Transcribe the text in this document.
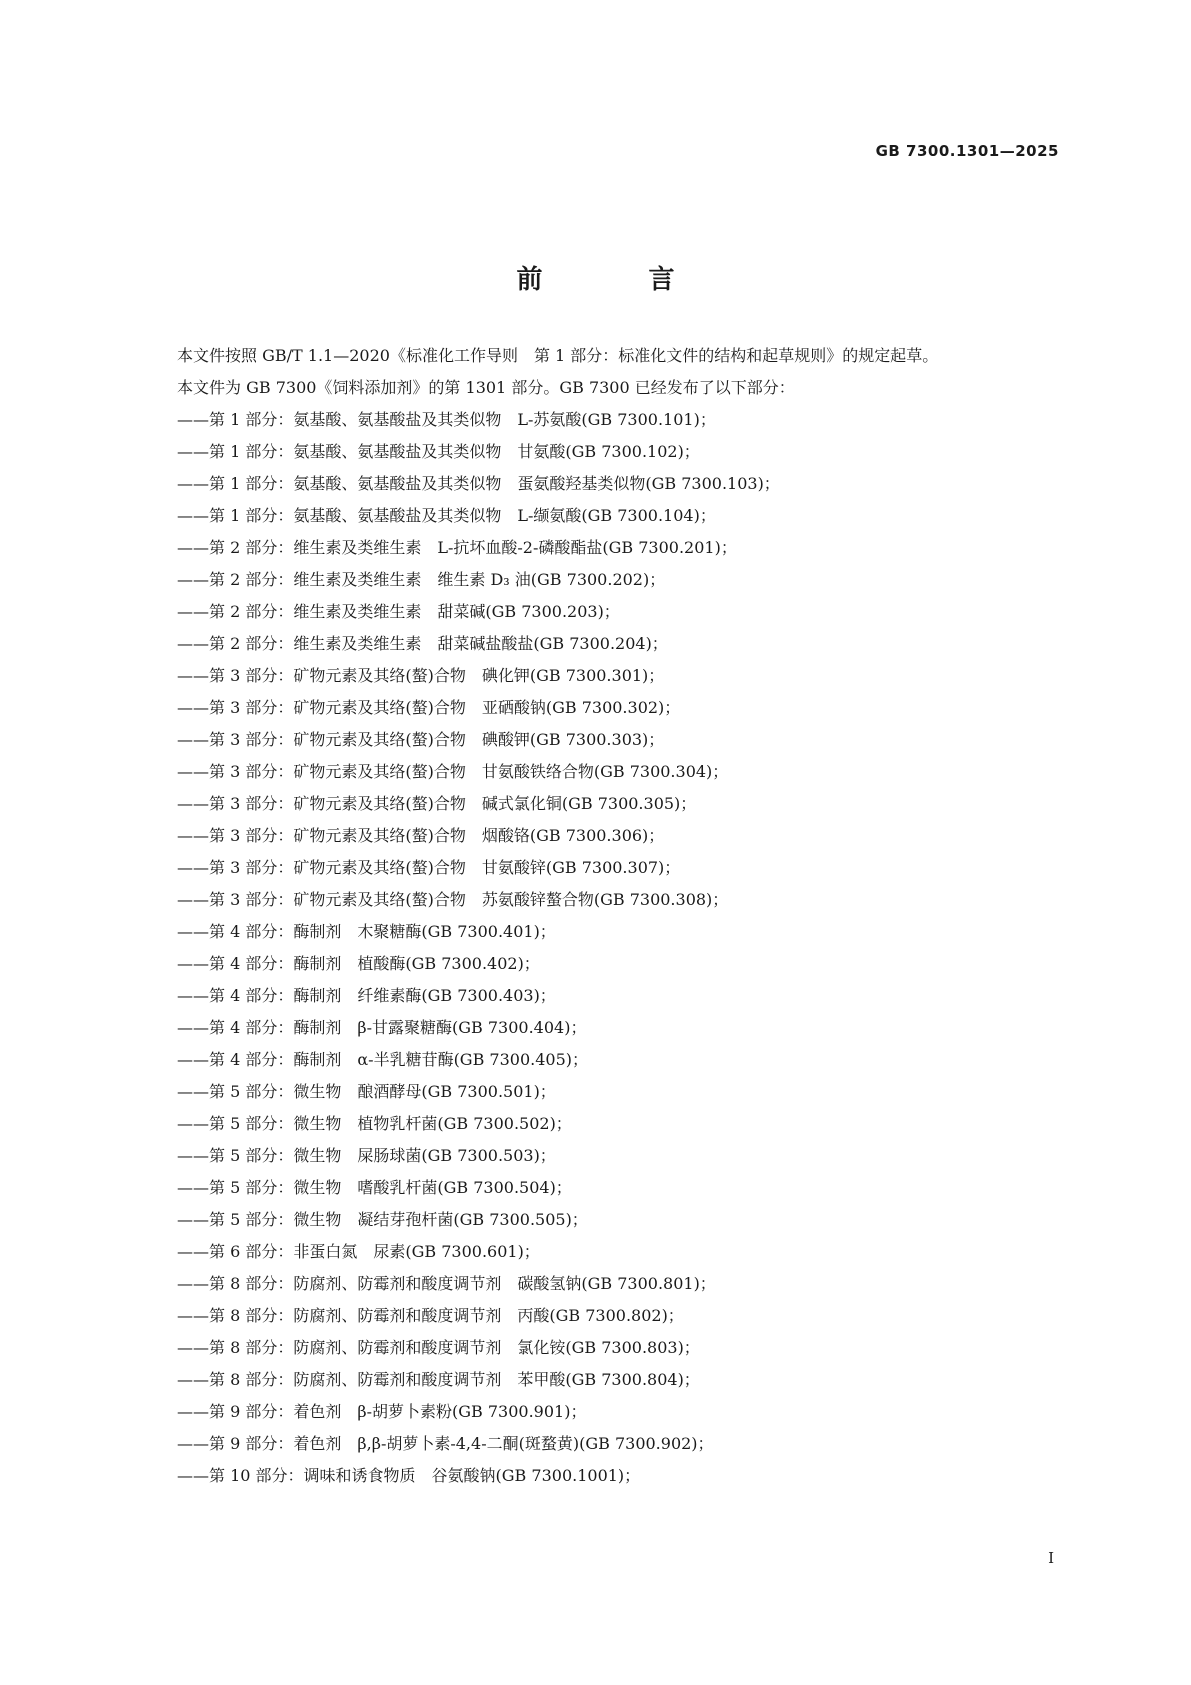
GB 7300.1301—2025
前  言

本文件按照 GB/T 1.1—2020《标准化工作导则　第 1 部分：标准化文件的结构和起草规则》的规定起草。

本文件为 GB 7300《饲料添加剂》的第 1301 部分。GB 7300 已经发布了以下部分：

——第 1 部分：氨基酸、氨基酸盐及其类似物　L-苏氨酸(GB 7300.101)；
——第 1 部分：氨基酸、氨基酸盐及其类似物　甘氨酸(GB 7300.102)；
——第 1 部分：氨基酸、氨基酸盐及其类似物　蛋氨酸羟基类似物(GB 7300.103)；
——第 1 部分：氨基酸、氨基酸盐及其类似物　L-缬氨酸(GB 7300.104)；
——第 2 部分：维生素及类维生素　L-抗坏血酸-2-磷酸酯盐(GB 7300.201)；
——第 2 部分：维生素及类维生素　维生素 D₃ 油(GB 7300.202)；
——第 2 部分：维生素及类维生素　甜菜碱(GB 7300.203)；
——第 2 部分：维生素及类维生素　甜菜碱盐酸盐(GB 7300.204)；
——第 3 部分：矿物元素及其络(螯)合物　碘化钾(GB 7300.301)；
——第 3 部分：矿物元素及其络(螯)合物　亚硒酸钠(GB 7300.302)；
——第 3 部分：矿物元素及其络(螯)合物　碘酸钾(GB 7300.303)；
——第 3 部分：矿物元素及其络(螯)合物　甘氨酸铁络合物(GB 7300.304)；
——第 3 部分：矿物元素及其络(螯)合物　碱式氯化铜(GB 7300.305)；
——第 3 部分：矿物元素及其络(螯)合物　烟酸铬(GB 7300.306)；
——第 3 部分：矿物元素及其络(螯)合物　甘氨酸锌(GB 7300.307)；
——第 3 部分：矿物元素及其络(螯)合物　苏氨酸锌螯合物(GB 7300.308)；
——第 4 部分：酶制剂　木聚糖酶(GB 7300.401)；
——第 4 部分：酶制剂　植酸酶(GB 7300.402)；
——第 4 部分：酶制剂　纤维素酶(GB 7300.403)；
——第 4 部分：酶制剂　β-甘露聚糖酶(GB 7300.404)；
——第 4 部分：酶制剂　α-半乳糖苷酶(GB 7300.405)；
——第 5 部分：微生物　酿酒酵母(GB 7300.501)；
——第 5 部分：微生物　植物乳杆菌(GB 7300.502)；
——第 5 部分：微生物　屎肠球菌(GB 7300.503)；
——第 5 部分：微生物　嗜酸乳杆菌(GB 7300.504)；
——第 5 部分：微生物　凝结芽孢杆菌(GB 7300.505)；
——第 6 部分：非蛋白氮　尿素(GB 7300.601)；
——第 8 部分：防腐剂、防霉剂和酸度调节剂　碳酸氢钠(GB 7300.801)；
——第 8 部分：防腐剂、防霉剂和酸度调节剂　丙酸(GB 7300.802)；
——第 8 部分：防腐剂、防霉剂和酸度调节剂　氯化铵(GB 7300.803)；
——第 8 部分：防腐剂、防霉剂和酸度调节剂　苯甲酸(GB 7300.804)；
——第 9 部分：着色剂　β-胡萝卜素粉(GB 7300.901)；
——第 9 部分：着色剂　β,β-胡萝卜素-4,4-二酮(斑蝥黄)(GB 7300.902)；
——第 10 部分：调味和诱食物质　谷氨酸钠(GB 7300.1001)；
I
